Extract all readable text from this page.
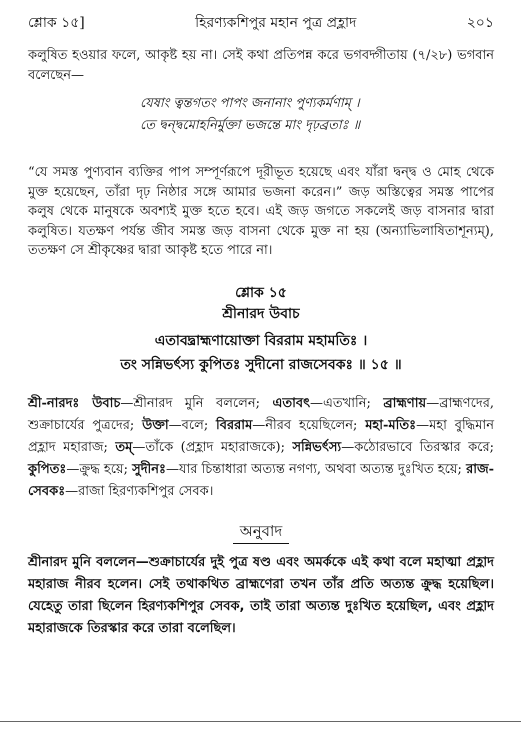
শ্লোক ১৫]	হিরণ্যকশিপুর মহান পুত্র প্রহ্লাদ	২০১

কলুষিত হওয়ার ফলে, আকৃষ্ট হয় না। সেই কথা প্রতিপন্ন করে ভগবদ্গীতায় (৭/২৮) ভগবান বলেছেন—

যেষাং ত্বন্তগতং পাপং জনানাং পুণ্যকর্মণাম্ ।
তে দ্বন্দ্বমোহনির্মুক্তা ভজন্তে মাং দৃঢ়ব্রতাঃ ॥

“যে সমস্ত পুণ্যবান ব্যক্তির পাপ সম্পূর্ণরূপে দূরীভূত হয়েছে এবং যাঁরা দ্বন্দ্ব ও মোহ থেকে মুক্ত হয়েছেন, তাঁরা দৃঢ় নিষ্ঠার সঙ্গে আমার ভজনা করেন।” জড় অস্তিত্বের সমস্ত পাপের কলুষ থেকে মানুষকে অবশ্যই মুক্ত হতে হবে। এই জড় জগতে সকলেই জড় বাসনার দ্বারা কলুষিত। যতক্ষণ পর্যন্ত জীব সমস্ত জড় বাসনা থেকে মুক্ত না হয় (অন্যাভিলাষিতাশূন্যম্), ততক্ষণ সে শ্রীকৃষ্ণের দ্বারা আকৃষ্ট হতে পারে না।

শ্লোক ১৫
শ্রীনারদ উবাচ
এতাবদ্ব্রাহ্মণায়োক্তা বিররাম মহামতিঃ ।
তং সন্নিভর্ৎস্য কুপিতঃ সুদীনো রাজসেবকঃ ॥ ১৫ ॥

শ্রী-নারদঃ উবাচ—শ্রীনারদ মুনি বললেন; এতাবৎ—এতখানি; ব্রাহ্মণায়—ব্রাহ্মণদের, শুক্রাচার্যের পুত্রদের; উক্তা—বলে; বিররাম—নীরব হয়েছিলেন; মহা-মতিঃ—মহা বুদ্ধিমান প্রহ্লাদ মহারাজ; তম্—তাঁকে (প্রহ্লাদ মহারাজকে); সন্নিভর্ৎস্য—কঠোরভাবে তিরস্কার করে; কুপিতঃ—ক্রুদ্ধ হয়ে; সুদীনঃ—যার চিন্তাধারা অত্যন্ত নগণ্য, অথবা অত্যন্ত দুঃখিত হয়ে; রাজ-সেবকঃ—রাজা হিরণ্যকশিপুর সেবক।

অনুবাদ

শ্রীনারদ মুনি বললেন—শুক্রাচার্যের দুই পুত্র ষণ্ড এবং অমর্ককে এই কথা বলে মহাত্মা প্রহ্লাদ মহারাজ নীরব হলেন। সেই তথাকথিত ব্রাহ্মণেরা তখন তাঁর প্রতি অত্যন্ত ক্রুদ্ধ হয়েছিল। যেহেতু তারা ছিলেন হিরণ্যকশিপুর সেবক, তাই তারা অত্যন্ত দুঃখিত হয়েছিল, এবং প্রহ্লাদ মহারাজকে তিরস্কার করে তারা বলেছিল।
